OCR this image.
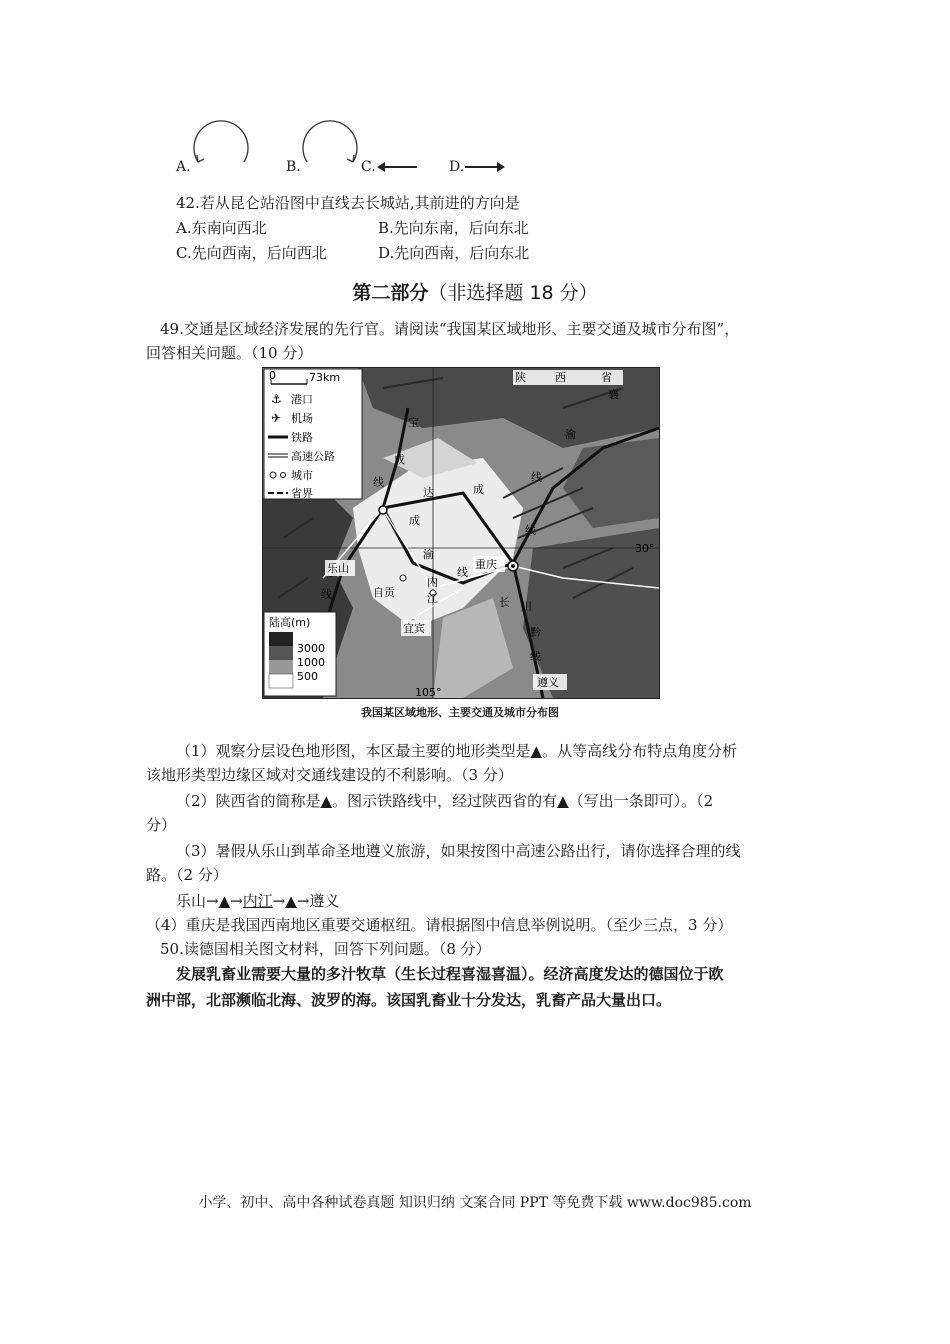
A.	B.	C.	D.
42.若从昆仑站沿图中直线去长城站,其前进的方向是
A.东南向西北	B.先向东南，后向东北
C.先向西南，后向西北	D.先向西南，后向东北
第二部分（非选择题 18 分）
49.交通是区域经济发展的先行官。请阅读“我国某区域地形、主要交通及城市分布图”，
回答相关问题。（10 分）
0	73km
⚓ 港口
✈ 机场
铁路
高速公路
城市
省界
陆高(m)
3000
1000
500
陕	西	省
宝
成
襄
渝
线
达	成
线
成
线
渝
乐山
自贡
内
江
线
重庆
长 川
宜宾	黔
线
遵义
线
105°
30°
我国某区域地形、主要交通及城市分布图
（1）观察分层设色地形图，本区最主要的地形类型是▲。从等高线分布特点角度分析
该地形类型边缘区域对交通线建设的不利影响。（3 分）
（2）陕西省的简称是▲。图示铁路线中，经过陕西省的有▲（写出一条即可）。（2
分）
（3）暑假从乐山到革命圣地遵义旅游，如果按图中高速公路出行，请你选择合理的线
路。（2 分）
乐山→▲→内江→▲→遵义
（4）重庆是我国西南地区重要交通枢纽。请根据图中信息举例说明。（至少三点，3 分）
50.读德国相关图文材料，回答下列问题。（8 分）
发展乳畜业需要大量的多汁牧草（生长过程喜湿喜温）。经济高度发达的德国位于欧
洲中部，北部濒临北海、波罗的海。该国乳畜业十分发达，乳畜产品大量出口。
小学、初中、高中各种试卷真题 知识归纳 文案合同 PPT 等免费下载 www.doc985.com
